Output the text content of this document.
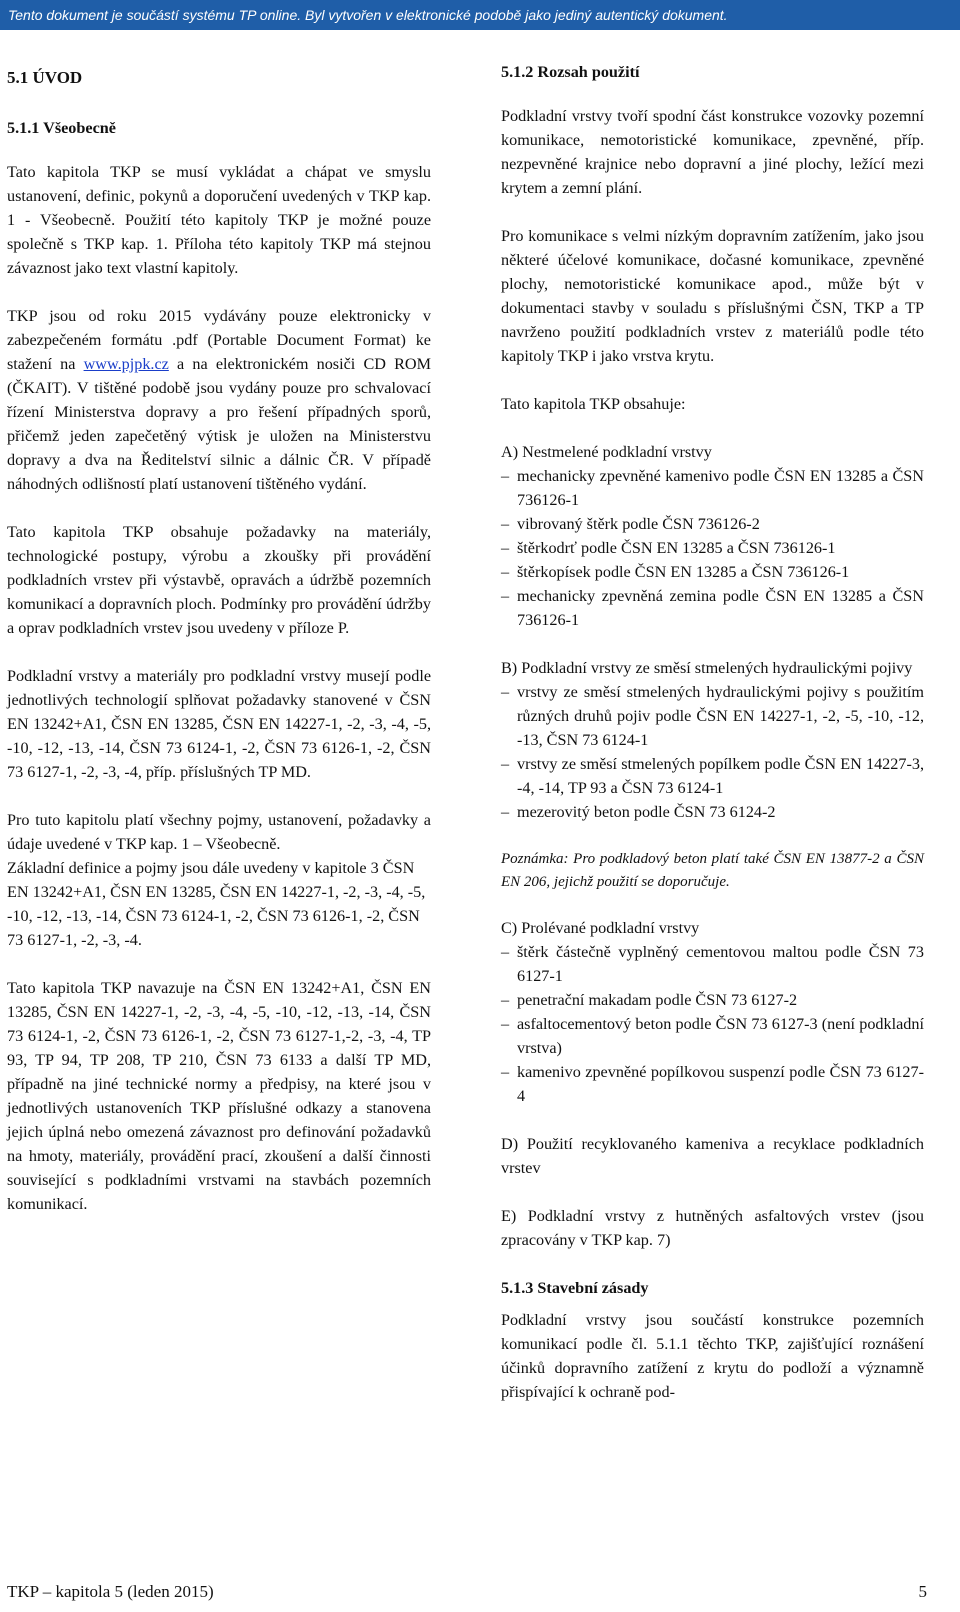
Tento dokument je součástí systému TP online. Byl vytvořen v elektronické podobě jako jediný autentický dokument.
5.1 ÚVOD
5.1.1 Všeobecně

Tato kapitola TKP se musí vykládat a chápat ve smyslu ustanovení, definic, pokynů a doporučení uvedených v TKP kap. 1 - Všeobecně. Použití této kapitoly TKP je možné pouze společně s TKP kap. 1. Příloha této kapitoly TKP má stejnou závaznost jako text vlastní kapitoly.

TKP jsou od roku 2015 vydávány pouze elektronicky v zabezpečeném formátu .pdf (Portable Document Format) ke stažení na www.pjpk.cz a na elektronickém nosiči CD ROM (ČKAIT). V tištěné podobě jsou vydány pouze pro schvalovací řízení Ministerstva dopravy a pro řešení případných sporů, přičemž jeden zapečetěný výtisk je uložen na Ministerstvu dopravy a dva na Ředitelství silnic a dálnic ČR. V případě náhodných odlišností platí ustanovení tištěného vydání.

Tato kapitola TKP obsahuje požadavky na materiály, technologické postupy, výrobu a zkoušky při provádění podkladních vrstev při výstavbě, opravách a údržbě pozemních komunikací a dopravních ploch. Podmínky pro provádění údržby a oprav podkladních vrstev jsou uvedeny v příloze P.

Podkladní vrstvy a materiály pro podkladní vrstvy musejí podle jednotlivých technologií splňovat požadavky stanovené v ČSN EN 13242+A1, ČSN EN 13285, ČSN EN 14227-1, -2, -3, -4, -5, -10, -12, -13, -14, ČSN 73 6124-1, -2, ČSN 73 6126-1, -2, ČSN 73 6127-1, -2, -3, -4, příp. příslušných TP MD.

Pro tuto kapitolu platí všechny pojmy, ustanovení, požadavky a údaje uvedené v TKP kap. 1 – Všeobecně.

Základní definice a pojmy jsou dále uvedeny v kapitole 3 ČSN EN 13242+A1, ČSN EN 13285, ČSN EN 14227-1, -2, -3, -4, -5, -10, -12, -13, -14, ČSN 73 6124-1, -2, ČSN 73 6126-1, -2, ČSN 73 6127-1, -2, -3, -4.

Tato kapitola TKP navazuje na ČSN EN 13242+A1, ČSN EN 13285, ČSN EN 14227-1, -2, -3, -4, -5, -10, -12, -13, -14, ČSN 73 6124-1, -2, ČSN 73 6126-1, -2, ČSN 73 6127-1,-2, -3, -4, TP 93, TP 94, TP 208, TP 210, ČSN 73 6133 a další TP MD, případně na jiné technické normy a předpisy, na které jsou v jednotlivých ustanoveních TKP příslušné odkazy a stanovena jejich úplná nebo omezená závaznost pro definování požadavků na hmoty, materiály, provádění prací, zkoušení a další činnosti související s podkladními vrstvami na stavbách pozemních komunikací.

5.1.2 Rozsah použití

Podkladní vrstvy tvoří spodní část konstrukce vozovky pozemní komunikace, nemotoristické komunikace, zpevněné, příp. nezpevněné krajnice nebo dopravní a jiné plochy, ležící mezi krytem a zemní plání.

Pro komunikace s velmi nízkým dopravním zatížením, jako jsou některé účelové komunikace, dočasné komunikace, zpevněné plochy, nemotoristické komunikace apod., může být v dokumentaci stavby v souladu s příslušnými ČSN, TKP a TP navrženo použití podkladních vrstev z materiálů podle této kapitoly TKP i jako vrstva krytu.

Tato kapitola TKP obsahuje:

A) Nestmelené podkladní vrstvy
– mechanicky zpevněné kamenivo podle ČSN EN 13285 a ČSN 736126-1
– vibrovaný štěrk podle ČSN 736126-2
– štěrkodrť podle ČSN EN 13285 a ČSN 736126-1
– štěrkopísek podle ČSN EN 13285 a ČSN 736126-1
– mechanicky zpevněná zemina podle ČSN EN 13285 a ČSN 736126-1
B) Podkladní vrstvy ze směsí stmelených hydraulickými pojivy
– vrstvy ze směsí stmelených hydraulickými pojivy s použitím různých druhů pojiv podle ČSN EN 14227-1, -2, -5, -10, -12, -13, ČSN 73 6124-1
– vrstvy ze směsí stmelených popílkem podle ČSN EN 14227-3, -4, -14, TP 93 a ČSN 73 6124-1
– mezerovitý beton podle ČSN 73 6124-2
Poznámka: Pro podkladový beton platí také ČSN EN 13877-2 a ČSN EN 206, jejichž použití se doporučuje.
C) Prolévané podkladní vrstvy
– štěrk částečně vyplněný cementovou maltou podle ČSN 73 6127-1
– penetrační makadam podle ČSN 73 6127-2
– asfaltocementový beton podle ČSN 73 6127-3 (není podkladní vrstva)
– kamenivo zpevněné popílkovou suspenzí podle ČSN 73 6127-4

D) Použití recyklovaného kameniva a recyklace podkladních vrstev

E) Podkladní vrstvy z hutněných asfaltových vrstev (jsou zpracovány v TKP kap. 7)

5.1.3 Stavební zásady

Podkladní vrstvy jsou součástí konstrukce pozemních komunikací podle čl. 5.1.1 těchto TKP, zajišťující roznášení účinků dopravního zatížení z krytu do podloží a významně přispívající k ochraně pod-

TKP – kapitola 5 (leden 2015)	5
